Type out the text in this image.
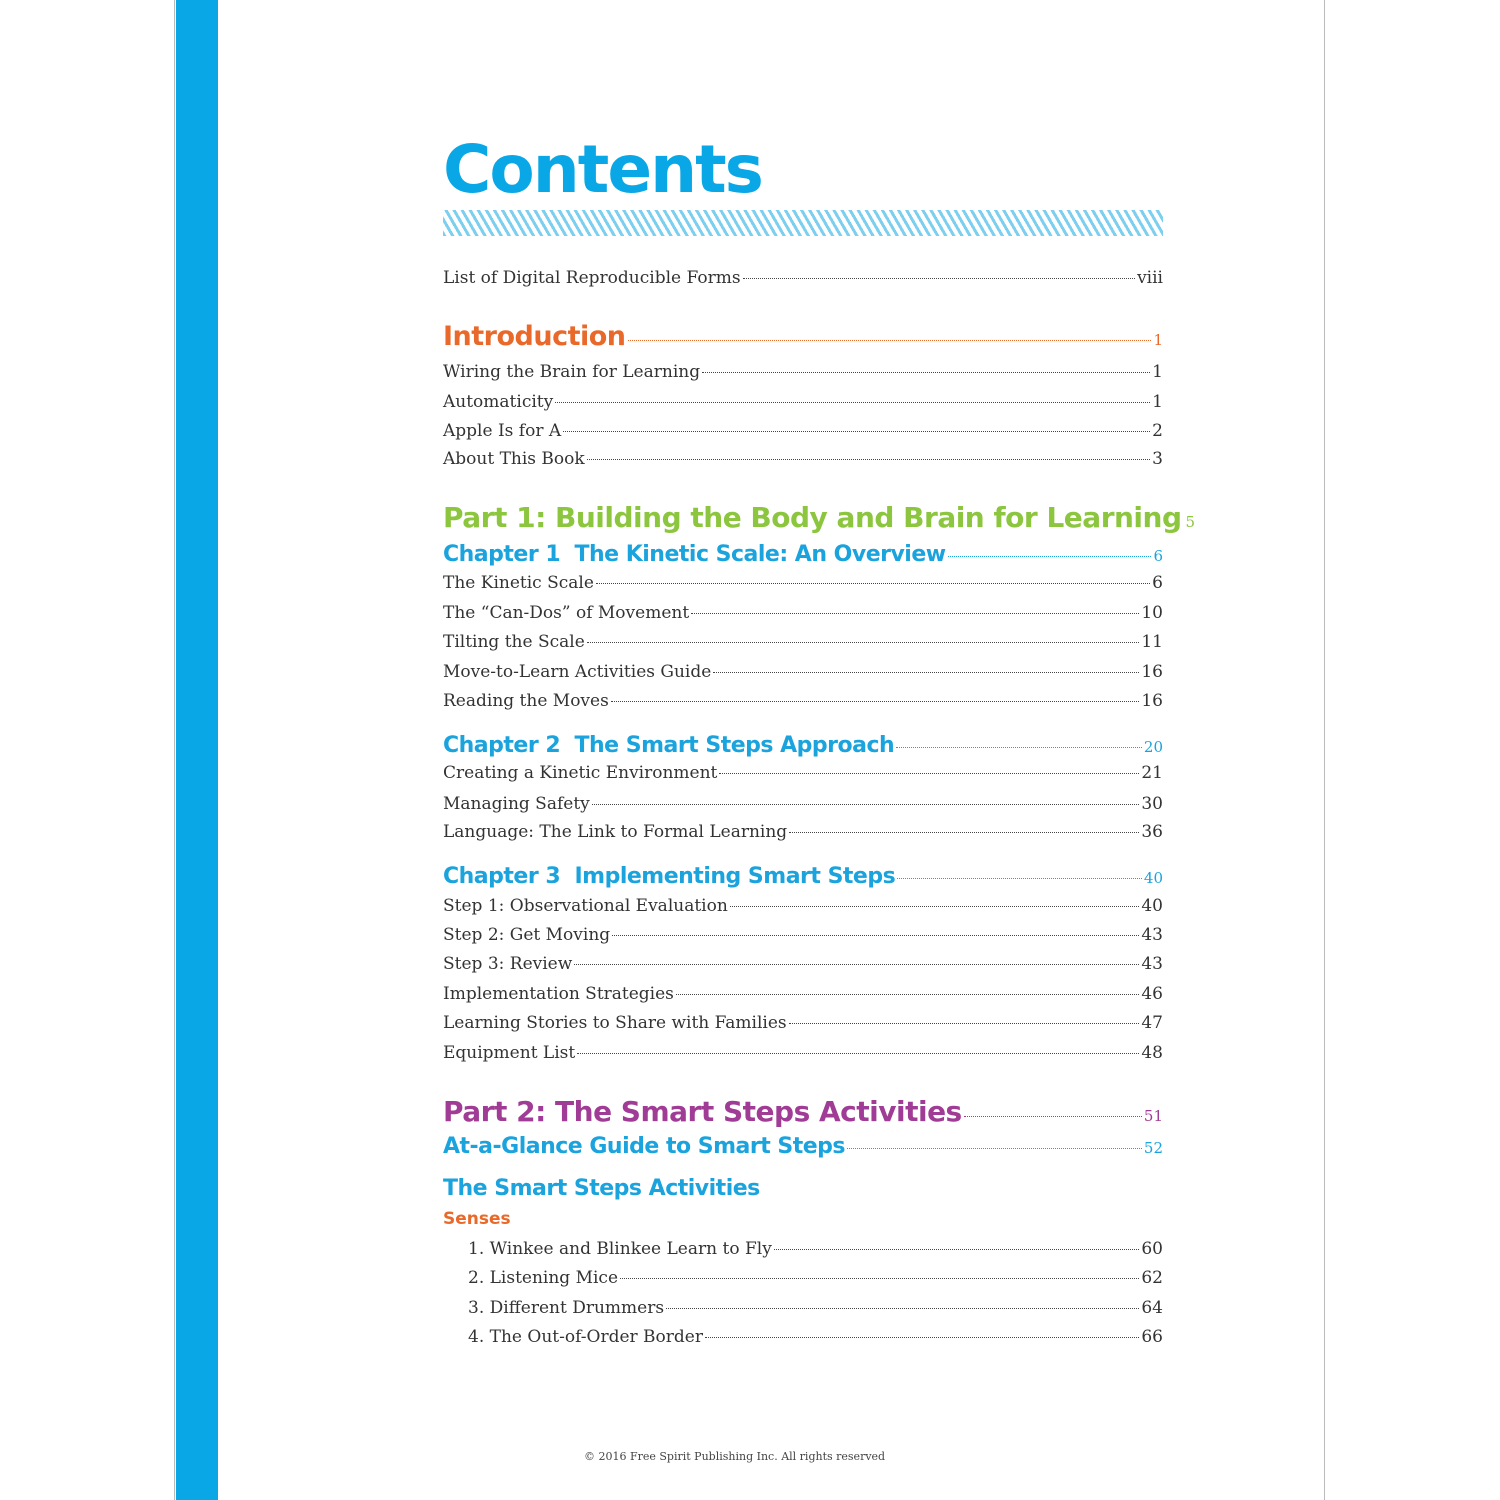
Contents
List of Digital Reproducible Forms	viii
Introduction	1
Wiring the Brain for Learning	1
Automaticity	1
Apple Is for A	2
About This Book	3
Part 1: Building the Body and Brain for Learning 5
Chapter 1  The Kinetic Scale: An Overview	6
The Kinetic Scale	6
The “Can-Dos” of Movement	10
Tilting the Scale	11
Move-to-Learn Activities Guide	16
Reading the Moves	16
Chapter 2  The Smart Steps Approach	20
Creating a Kinetic Environment	21
Managing Safety	30
Language: The Link to Formal Learning	36
Chapter 3  Implementing Smart Steps	40
Step 1: Observational Evaluation	40
Step 2: Get Moving	43
Step 3: Review	43
Implementation Strategies	46
Learning Stories to Share with Families	47
Equipment List	48
Part 2: The Smart Steps Activities	51
At-a-Glance Guide to Smart Steps	52
The Smart Steps Activities
Senses
1. Winkee and Blinkee Learn to Fly	60
2. Listening Mice	62
3. Different Drummers	64
4. The Out-of-Order Border	66
© 2016 Free Spirit Publishing Inc. All rights reserved
